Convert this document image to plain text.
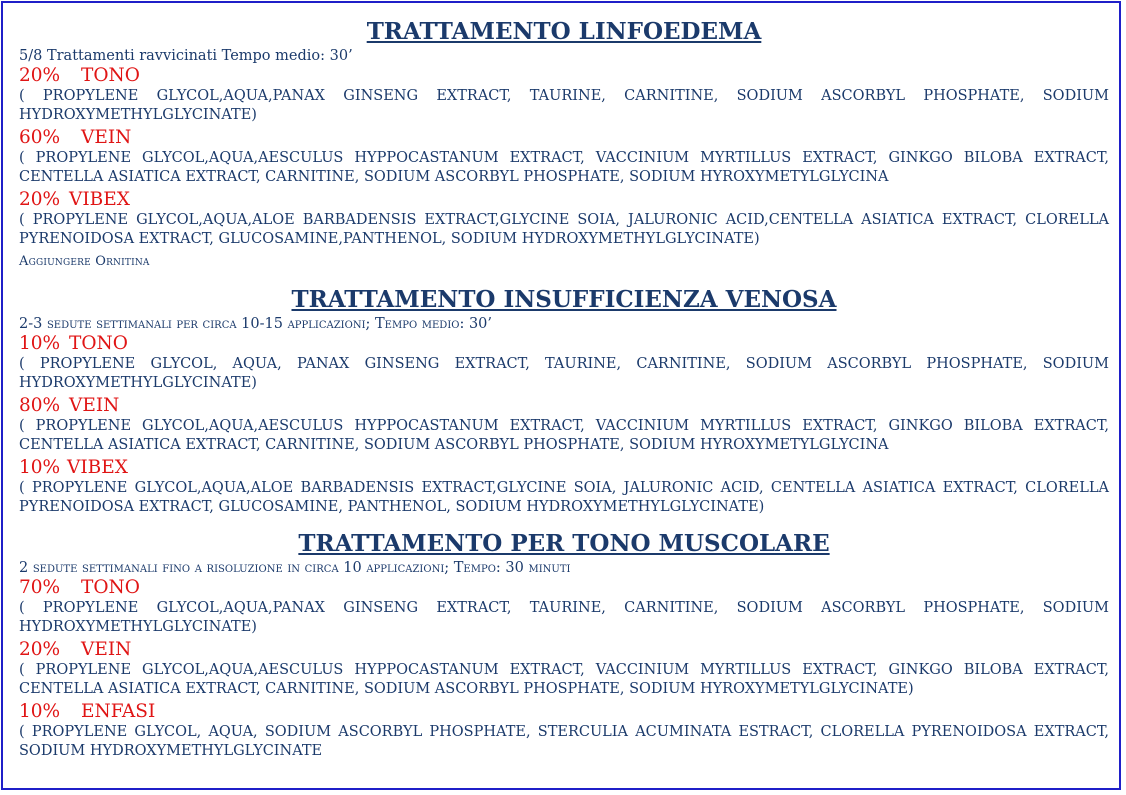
TRATTAMENTO LINFOEDEMA

5/8 Trattamenti ravvicinati Tempo medio: 30’

20% TONO

( PROPYLENE GLYCOL,AQUA,PANAX GINSENG EXTRACT, TAURINE, CARNITINE, SODIUM ASCORBYL PHOSPHATE, SODIUM HYDROXYMETHYLGLYCINATE)

60% VEIN

( PROPYLENE GLYCOL,AQUA,AESCULUS HYPPOCASTANUM EXTRACT, VACCINIUM MYRTILLUS EXTRACT, GINKGO BILOBA EXTRACT, CENTELLA ASIATICA EXTRACT, CARNITINE, SODIUM ASCORBYL PHOSPHATE, SODIUM HYROXYMETYLGLYCINA

20% VIBEX

( PROPYLENE GLYCOL,AQUA,ALOE BARBADENSIS EXTRACT,GLYCINE SOIA, JALURONIC ACID,CENTELLA ASIATICA EXTRACT, CLORELLA PYRENOIDOSA EXTRACT, GLUCOSAMINE,PANTHENOL, SODIUM HYDROXYMETHYLGLYCINATE)

Aggiungere Ornitina

TRATTAMENTO INSUFFICIENZA VENOSA

2-3 sedute settimanali per circa 10-15 applicazioni; Tempo medio: 30’

10% TONO

( PROPYLENE GLYCOL, AQUA, PANAX GINSENG EXTRACT, TAURINE, CARNITINE, SODIUM ASCORBYL PHOSPHATE, SODIUM HYDROXYMETHYLGLYCINATE)

80% VEIN

( PROPYLENE GLYCOL,AQUA,AESCULUS HYPPOCASTANUM EXTRACT, VACCINIUM MYRTILLUS EXTRACT, GINKGO BILOBA EXTRACT, CENTELLA ASIATICA EXTRACT, CARNITINE, SODIUM ASCORBYL PHOSPHATE, SODIUM HYROXYMETYLGLYCINA

10% VIBEX

( PROPYLENE GLYCOL,AQUA,ALOE BARBADENSIS EXTRACT,GLYCINE SOIA, JALURONIC ACID, CENTELLA ASIATICA EXTRACT, CLORELLA PYRENOIDOSA EXTRACT, GLUCOSAMINE, PANTHENOL, SODIUM HYDROXYMETHYLGLYCINATE)

TRATTAMENTO PER TONO MUSCOLARE

2 sedute settimanali fino a risoluzione in circa 10 applicazioni; Tempo: 30 minuti

70% TONO

( PROPYLENE GLYCOL,AQUA,PANAX GINSENG EXTRACT, TAURINE, CARNITINE, SODIUM ASCORBYL PHOSPHATE, SODIUM HYDROXYMETHYLGLYCINATE)

20% VEIN

( PROPYLENE GLYCOL,AQUA,AESCULUS HYPPOCASTANUM EXTRACT, VACCINIUM MYRTILLUS EXTRACT, GINKGO BILOBA EXTRACT, CENTELLA ASIATICA EXTRACT, CARNITINE, SODIUM ASCORBYL PHOSPHATE, SODIUM HYROXYMETYLGLYCINATE)

10% ENFASI

( PROPYLENE GLYCOL, AQUA, SODIUM ASCORBYL PHOSPHATE, STERCULIA ACUMINATA ESTRACT, CLORELLA PYRENOIDOSA EXTRACT, SODIUM HYDROXYMETHYLGLYCINATE
